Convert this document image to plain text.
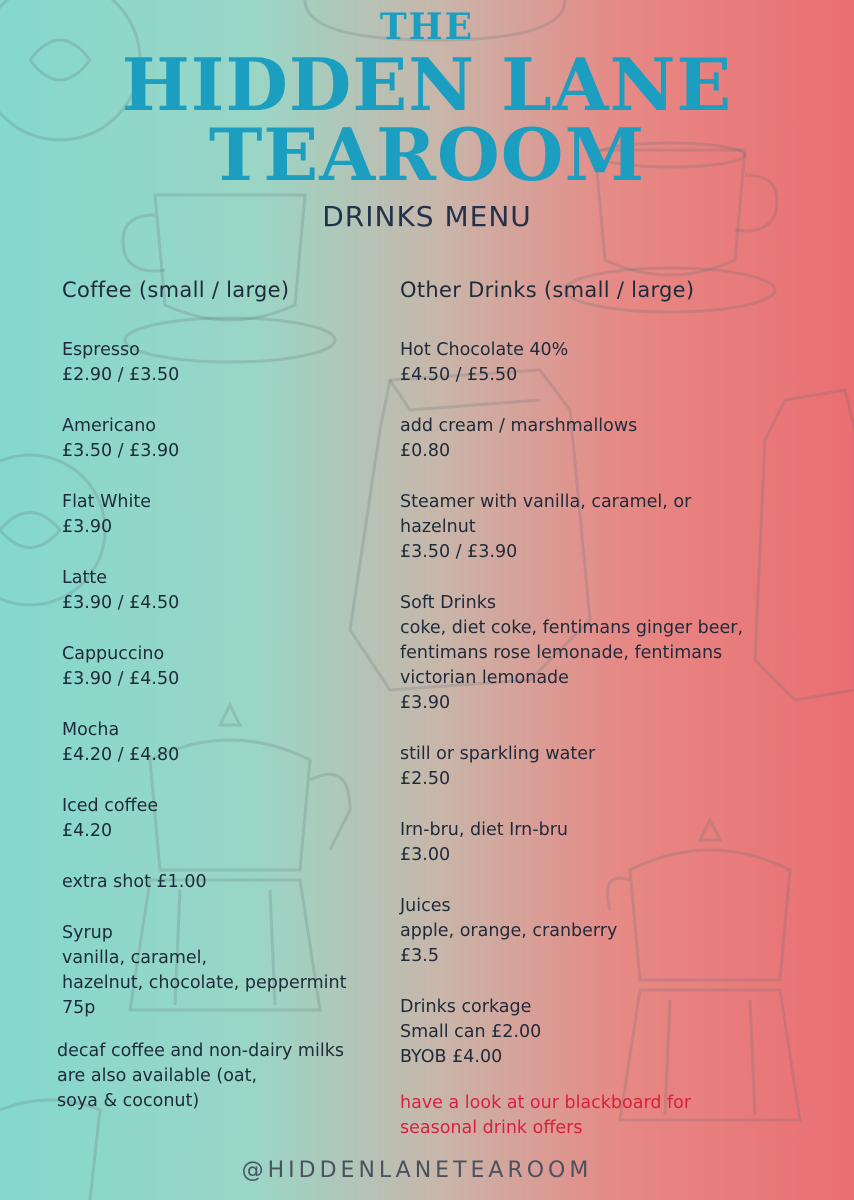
THE
HIDDEN LANE
TEAROOM

DRINKS MENU

Coffee (small / large)

Espresso

£2.90 / £3.50

Americano

£3.50 / £3.90

Flat White

£3.90

Latte

£3.90 / £4.50

Cappuccino

£3.90 / £4.50

Mocha

£4.20 / £4.80

Iced coffee

£4.20

extra shot £1.00

Syrup

vanilla, caramel,

hazelnut, chocolate, peppermint

75p

decaf coffee and non-dairy milks

are also available (oat,

soya & coconut)

Other Drinks (small / large)

Hot Chocolate 40%

£4.50 / £5.50

add cream / marshmallows

£0.80

Steamer with vanilla, caramel, or

hazelnut

£3.50 / £3.90

Soft Drinks

coke, diet coke, fentimans ginger beer,

fentimans rose lemonade, fentimans

victorian lemonade

£3.90

still or sparkling water

£2.50

Irn-bru, diet Irn-bru

£3.00

Juices

apple, orange, cranberry

£3.5

Drinks corkage

Small can £2.00

BYOB £4.00

have a look at our blackboard for

seasonal drink offers

@HIDDENLANETEAROOM
